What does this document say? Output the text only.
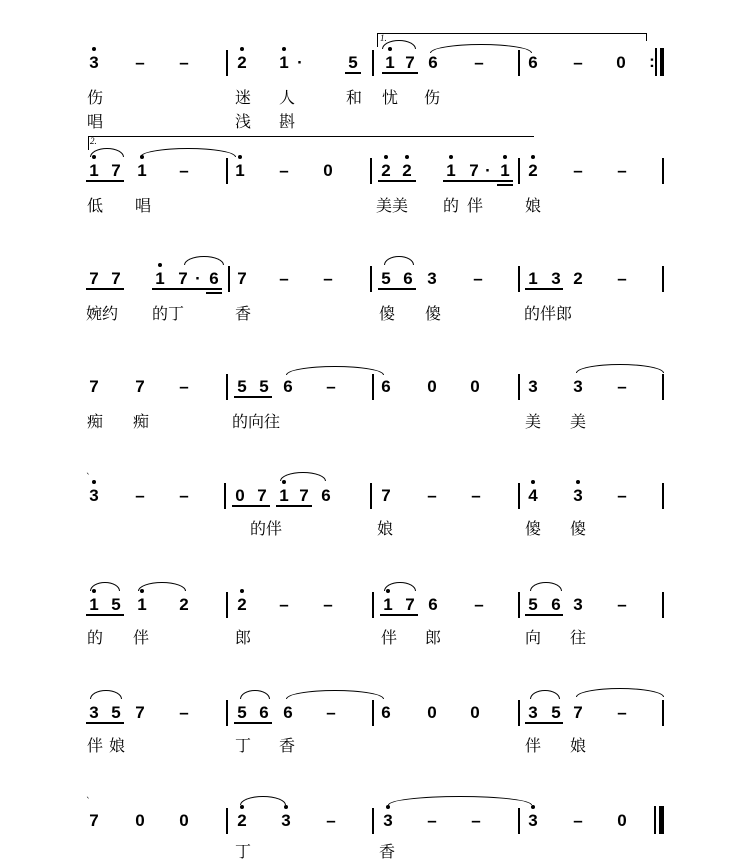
1.
3 – –	2 1 ·	5 1 7 6 –	6 – 0	:
伤	迷 人	和 忧 伤
唱	浅 斟
2.
1 7 1 –	1 – 0	2 2 1 7 · 1 2 – –
低 唱	美美	的 伴	娘
7 7 1 7 · 6 7 – –	5 6 3 –	1 3 2 –
婉约	的丁	香	傻 傻	的伴郎
7 7 –	5 5 6 –	6 0 0	3 3 –
痴 痴	的向往	美 美
ˋ
3 – –	0 7 1 7 6	7 – –	4 3 –
的伴	娘	傻 傻
1 5 1 2	2 – –	1 7 6 –	5 6 3 –
的 伴	郎	伴 郎	向 往
3 5 7 –	5 6 6 –	6 0 0	3 5 7 –
伴 娘	丁 香	伴 娘
ˋ
7 0 0	2 3 –	3 – –	3 – 0
丁	香
